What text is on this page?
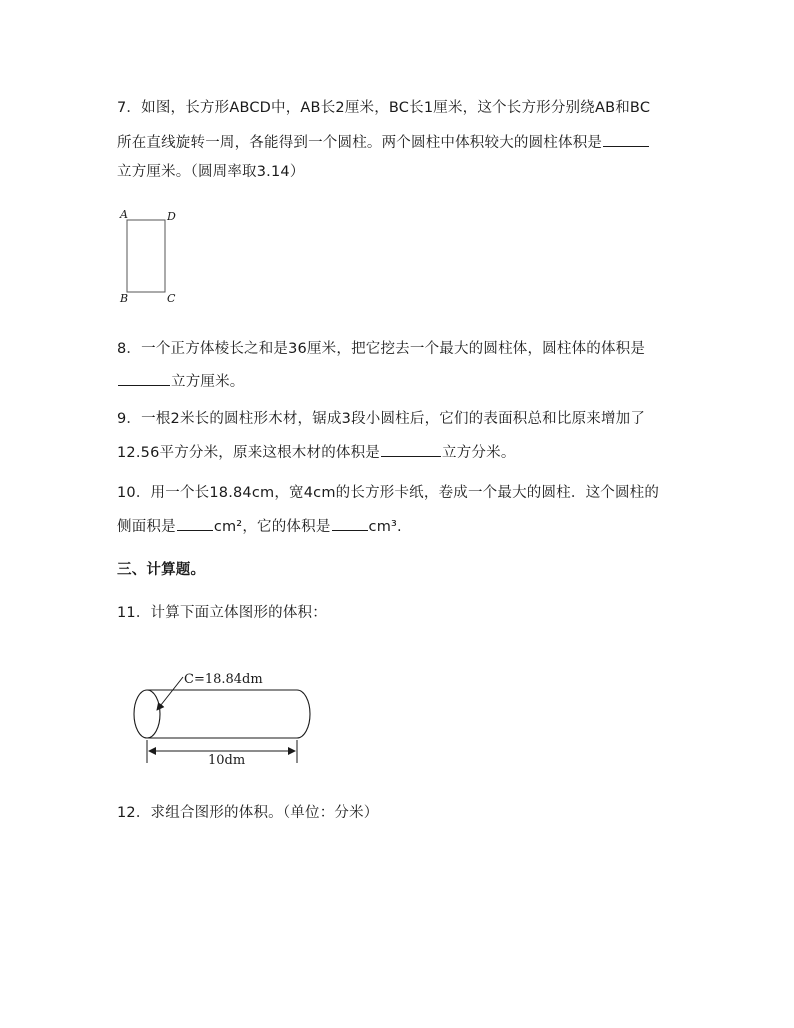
7．如图，长方形ABCD中，AB长2厘米，BC长1厘米，这个长方形分别绕AB和BC
所在直线旋转一周，各能得到一个圆柱。两个圆柱中体积较大的圆柱体积是
立方厘米。（圆周率取3.14）
A	D
B	C
8．一个正方体棱长之和是36厘米，把它挖去一个最大的圆柱体，圆柱体的体积是
立方厘米。
9．一根2米长的圆柱形木材，锯成3段小圆柱后，它们的表面积总和比原来增加了
12.56平方分米，原来这根木材的体积是	立方分米。
10．用一个长18.84cm，宽4cm的长方形卡纸，卷成一个最大的圆柱．这个圆柱的
侧面积是	cm²，它的体积是	cm³.
三、计算题。
11．计算下面立体图形的体积：
C=18.84dm
10dm
12．求组合图形的体积。（单位：分米）
